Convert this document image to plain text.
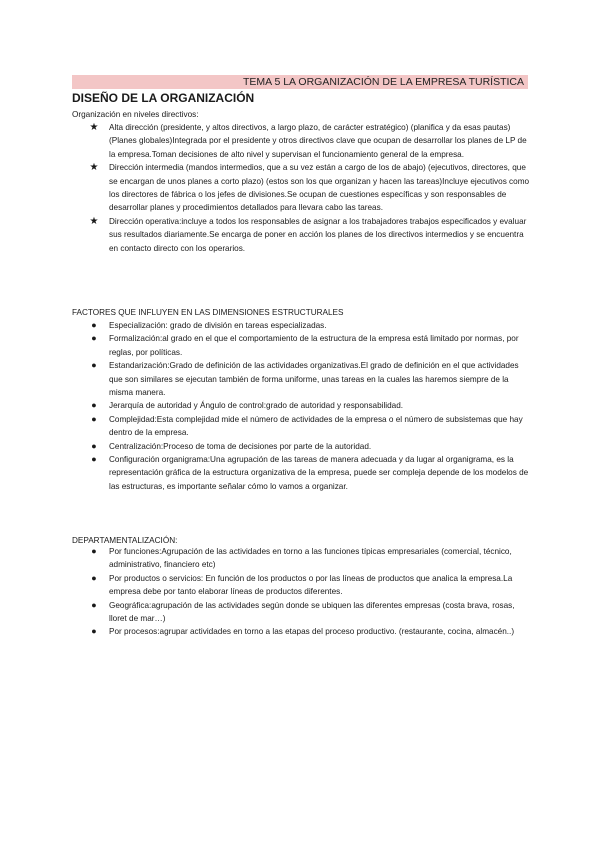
TEMA 5 LA ORGANIZACIÓN DE LA EMPRESA TURÍSTICA
DISEÑO DE LA ORGANIZACIÓN
Organización en niveles directivos:
★ Alta dirección (presidente, y altos directivos, a largo plazo, de carácter estratégico) (planifica y da esas pautas) (Planes globales)Integrada por el presidente y otros directivos clave que ocupan de desarrollar los planes de LP de la empresa.Toman decisiones de alto nivel y supervisan el funcionamiento general de la empresa.
★ Dirección intermedia (mandos intermedios, que a su vez están a cargo de los de abajo) (ejecutivos, directores, que se encargan de unos planes a corto plazo) (estos son los que organizan y hacen las tareas)Incluye ejecutivos como los directores de fábrica o los jefes de divisiones.Se ocupan de cuestiones específicas y son responsables de desarrollar planes y procedimientos detallados para llevara cabo las tareas.
★ Dirección operativa:incluye a todos los responsables de asignar a los trabajadores trabajos especificados y evaluar sus resultados diariamente.Se encarga de poner en acción los planes de los directivos intermedios y se encuentra en contacto directo con los operarios.
FACTORES QUE INFLUYEN EN LAS DIMENSIONES ESTRUCTURALES
●	Especialización: grado de división en tareas especializadas.
●	Formalización:al grado en el que el comportamiento de la estructura de la empresa está limitado por normas, por reglas, por políticas.
●	Estandarización:Grado de definición de las actividades organizativas.El grado de definición en el que actividades que son similares se ejecutan también de forma uniforme, unas tareas en la cuales las haremos siempre de la misma manera.
●	Jerarquía de autoridad y Ángulo de control:grado de autoridad y responsabilidad.
●	Complejidad:Esta complejidad mide el número de actividades de la empresa o el número de subsistemas que hay dentro de la empresa.
●	Centralización:Proceso de toma de decisiones por parte de la autoridad.
●	Configuración organigrama:Una agrupación de las tareas de manera adecuada y da lugar al organigrama, es la representación gráfica de la estructura organizativa de la empresa, puede ser compleja depende de los modelos de las estructuras, es importante señalar cómo lo vamos a organizar.
DEPARTAMENTALIZACIÓN:
●	Por funciones:Agrupación de las actividades en torno a las funciones típicas empresariales (comercial, técnico, administrativo, financiero etc)
●	Por productos o servicios: En función de los productos o por las líneas de productos que analica la empresa.La empresa debe por tanto elaborar líneas de productos diferentes.
●	Geográfica:agrupación de las actividades según donde se ubiquen las diferentes empresas (costa brava, rosas, lloret de mar…)
●	Por procesos:agrupar actividades en torno a las etapas del proceso productivo. (restaurante, cocina, almacén..)
